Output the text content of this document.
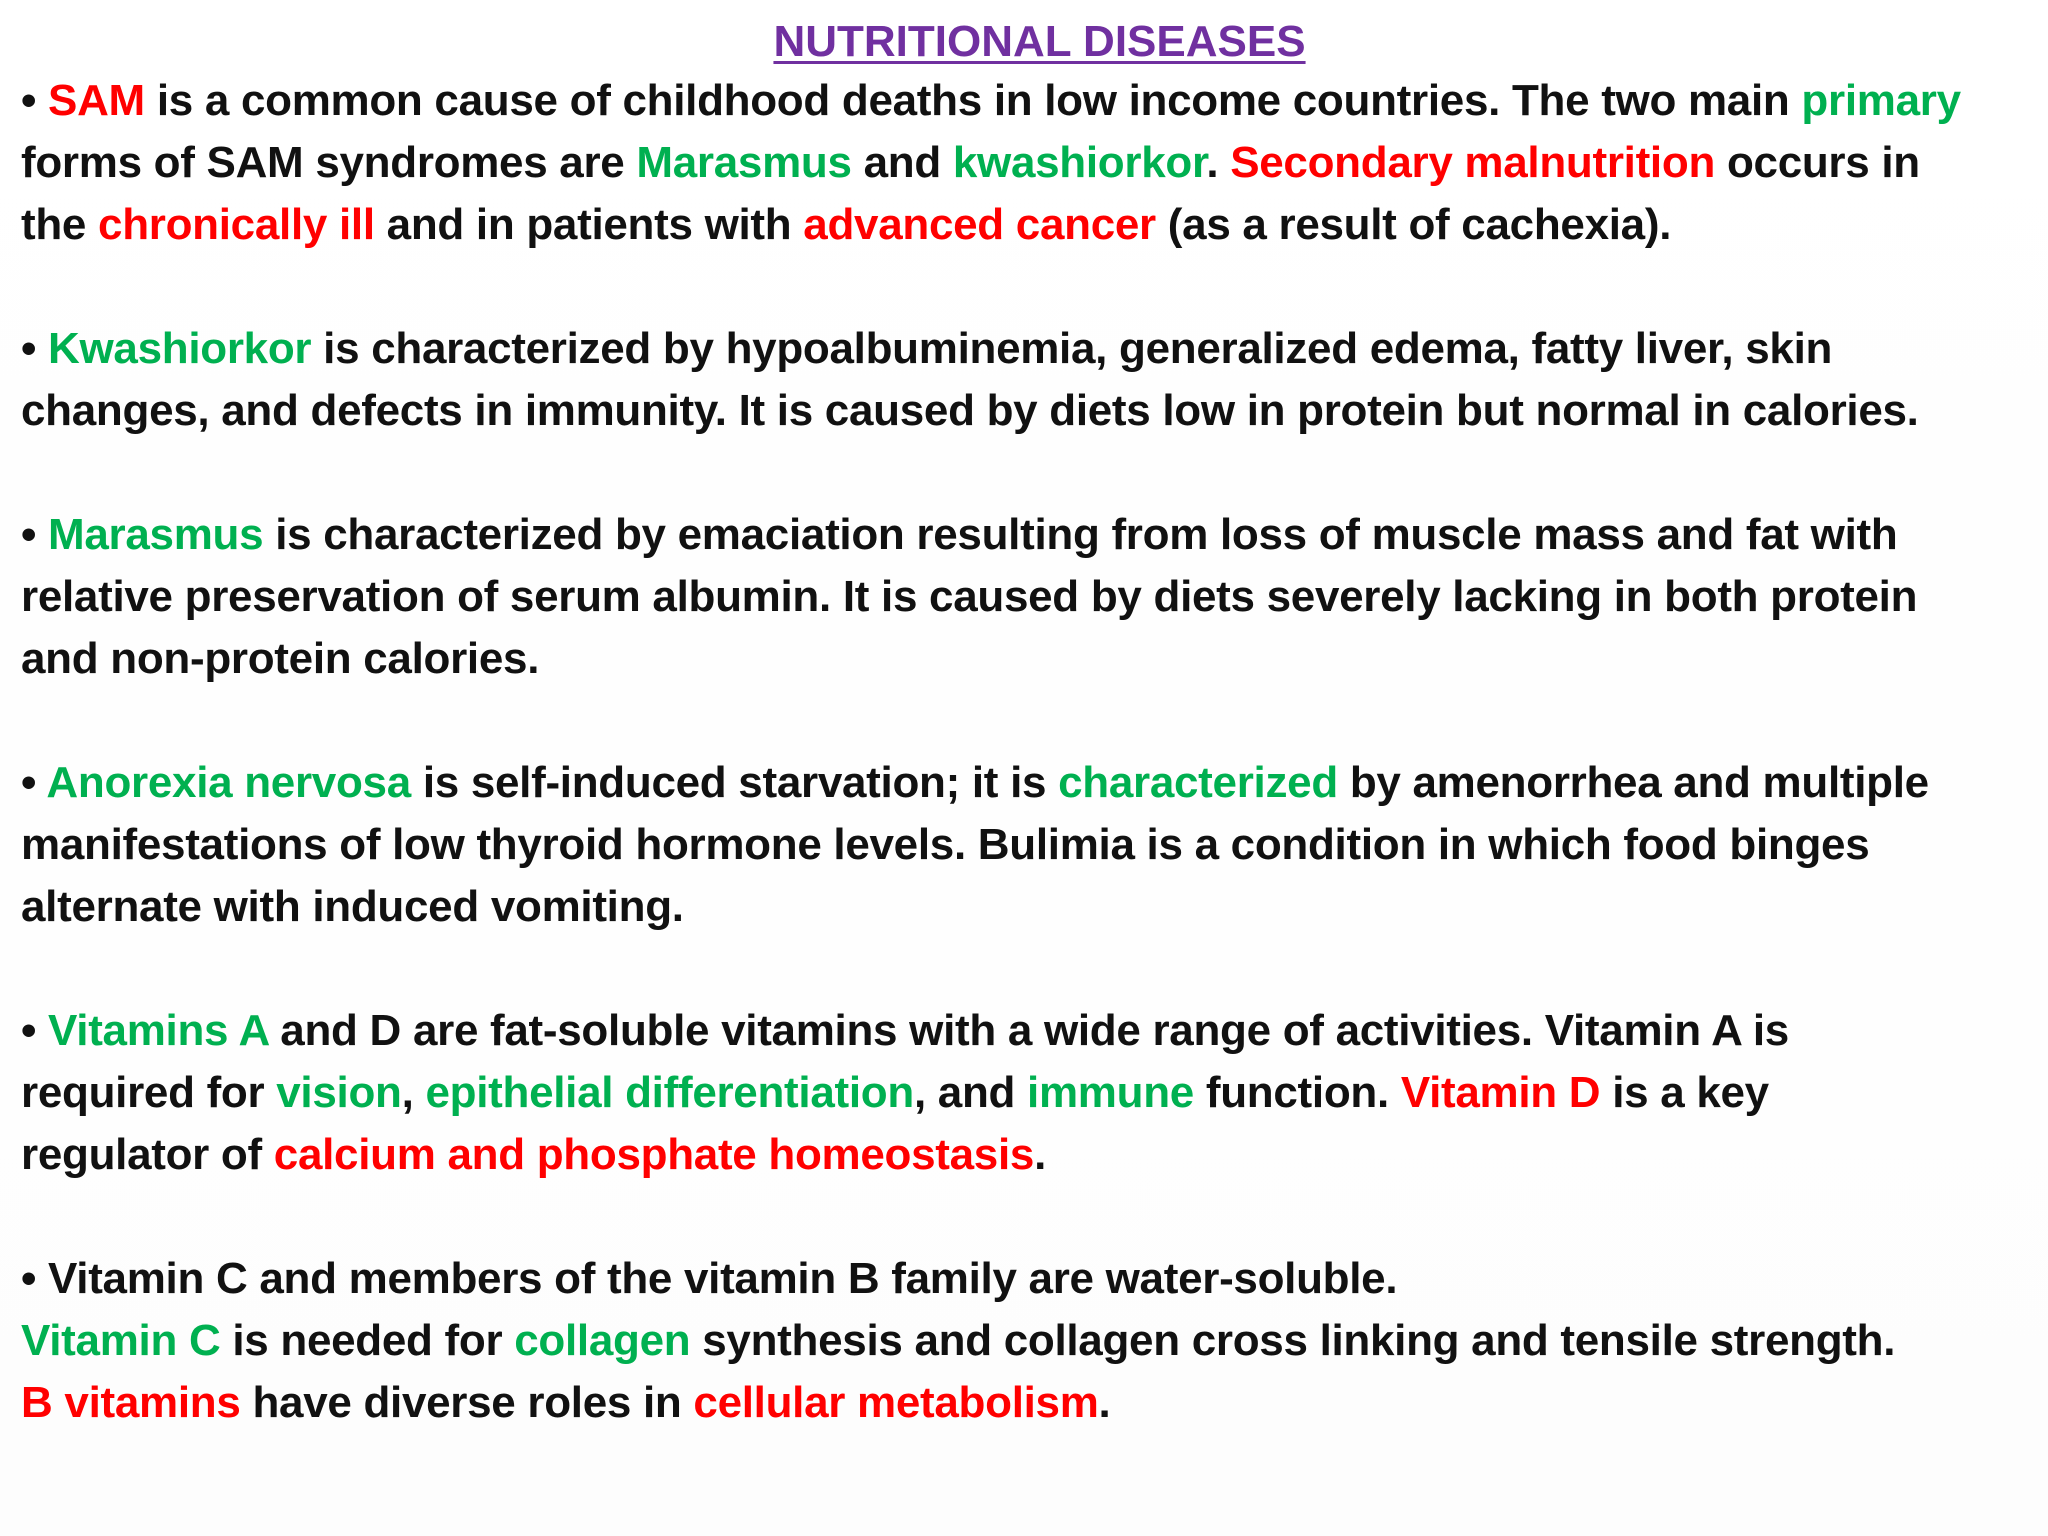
NUTRITIONAL DISEASES
• SAM is a common cause of childhood deaths in low income countries. The two main primary
forms of SAM syndromes are Marasmus and kwashiorkor. Secondary malnutrition occurs in
the chronically ill and in patients with advanced cancer (as a result of cachexia).
• Kwashiorkor is characterized by hypoalbuminemia, generalized edema, fatty liver, skin
changes, and defects in immunity. It is caused by diets low in protein but normal in calories.
• Marasmus is characterized by emaciation resulting from loss of muscle mass and fat with
relative preservation of serum albumin. It is caused by diets severely lacking in both protein
and non-protein calories.
• Anorexia nervosa is self-induced starvation; it is characterized by amenorrhea and multiple
manifestations of low thyroid hormone levels. Bulimia is a condition in which food binges
alternate with induced vomiting.
• Vitamins A and D are fat-soluble vitamins with a wide range of activities. Vitamin A is
required for vision, epithelial differentiation, and immune function. Vitamin D is a key
regulator of calcium and phosphate homeostasis.
• Vitamin C and members of the vitamin B family are water-soluble.
Vitamin C is needed for collagen synthesis and collagen cross linking and tensile strength.
B vitamins have diverse roles in cellular metabolism.
